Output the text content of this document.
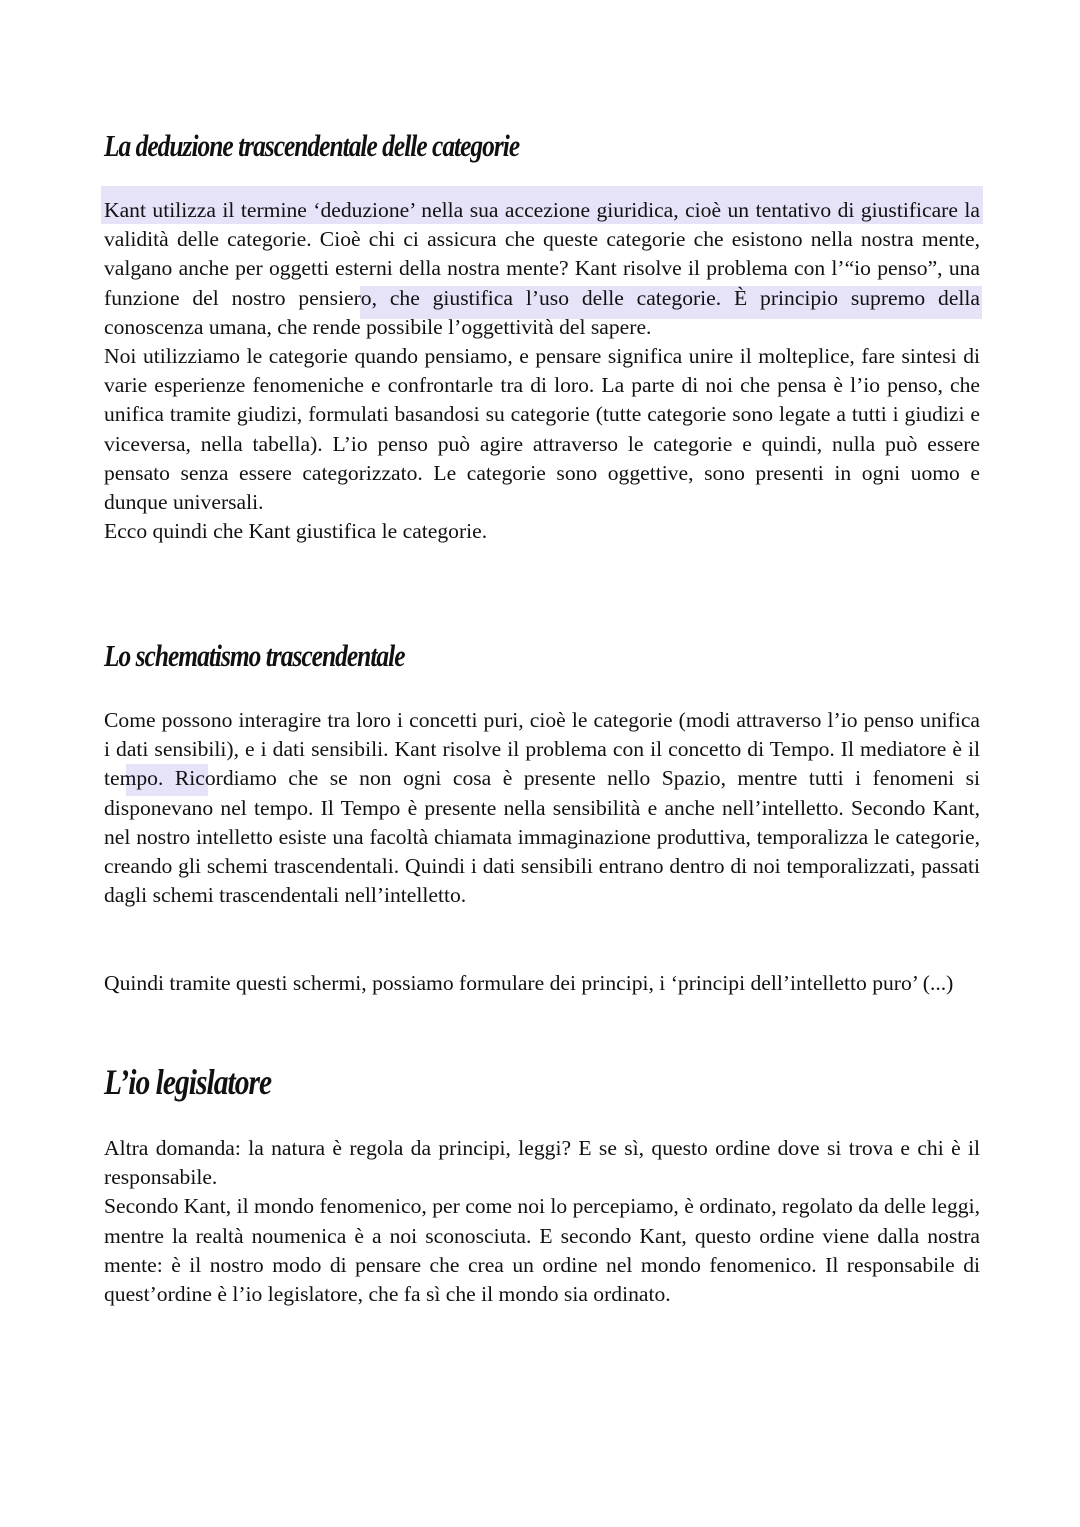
La deduzione trascendentale delle categorie

Kant utilizza il termine ‘deduzione’ nella sua accezione giuridica, cioè un tentativo di giustificare la validità delle categorie. Cioè chi ci assicura che queste categorie che esistono nella nostra mente, valgano anche per oggetti esterni della nostra mente? Kant risolve il problema con l’“io penso”, una funzione del nostro pensiero, che giustifica l’uso delle categorie. È principio supremo della conoscenza umana, che rende possibile l’oggettività del sapere.

Noi utilizziamo le categorie quando pensiamo, e pensare significa unire il molteplice, fare sintesi di varie esperienze fenomeniche e confrontarle tra di loro. La parte di noi che pensa è l’io penso, che unifica tramite giudizi, formulati basandosi su categorie (tutte categorie sono legate a tutti i giudizi e viceversa, nella tabella). L’io penso può agire attraverso le categorie e quindi, nulla può essere pensato senza essere categorizzato. Le categorie sono oggettive, sono presenti in ogni uomo e dunque universali.

Ecco quindi che Kant giustifica le categorie.

Lo schematismo trascendentale

Come possono interagire tra loro i concetti puri, cioè le categorie (modi attraverso l’io penso unifica i dati sensibili), e i dati sensibili. Kant risolve il problema con il concetto di Tempo. Il mediatore è il tempo. Ricordiamo che se non ogni cosa è presente nello Spazio, mentre tutti i fenomeni si disponevano nel tempo. Il Tempo è presente nella sensibilità e anche nell’intelletto. Secondo Kant, nel nostro intelletto esiste una facoltà chiamata immaginazione produttiva, temporalizza le categorie, creando gli schemi trascendentali. Quindi i dati sensibili entrano dentro di noi temporalizzati, passati dagli schemi trascendentali nell’intelletto.

Quindi tramite questi schermi, possiamo formulare dei principi, i ‘principi dell’intelletto puro’ (...)

L’io legislatore

Altra domanda: la natura è regola da principi, leggi? E se sì, questo ordine dove si trova e chi è il responsabile.

Secondo Kant, il mondo fenomenico, per come noi lo percepiamo, è ordinato, regolato da delle leggi, mentre la realtà noumenica è a noi sconosciuta. E secondo Kant, questo ordine viene dalla nostra mente: è il nostro modo di pensare che crea un ordine nel mondo fenomenico. Il responsabile di quest’ordine è l’io legislatore, che fa sì che il mondo sia ordinato.
